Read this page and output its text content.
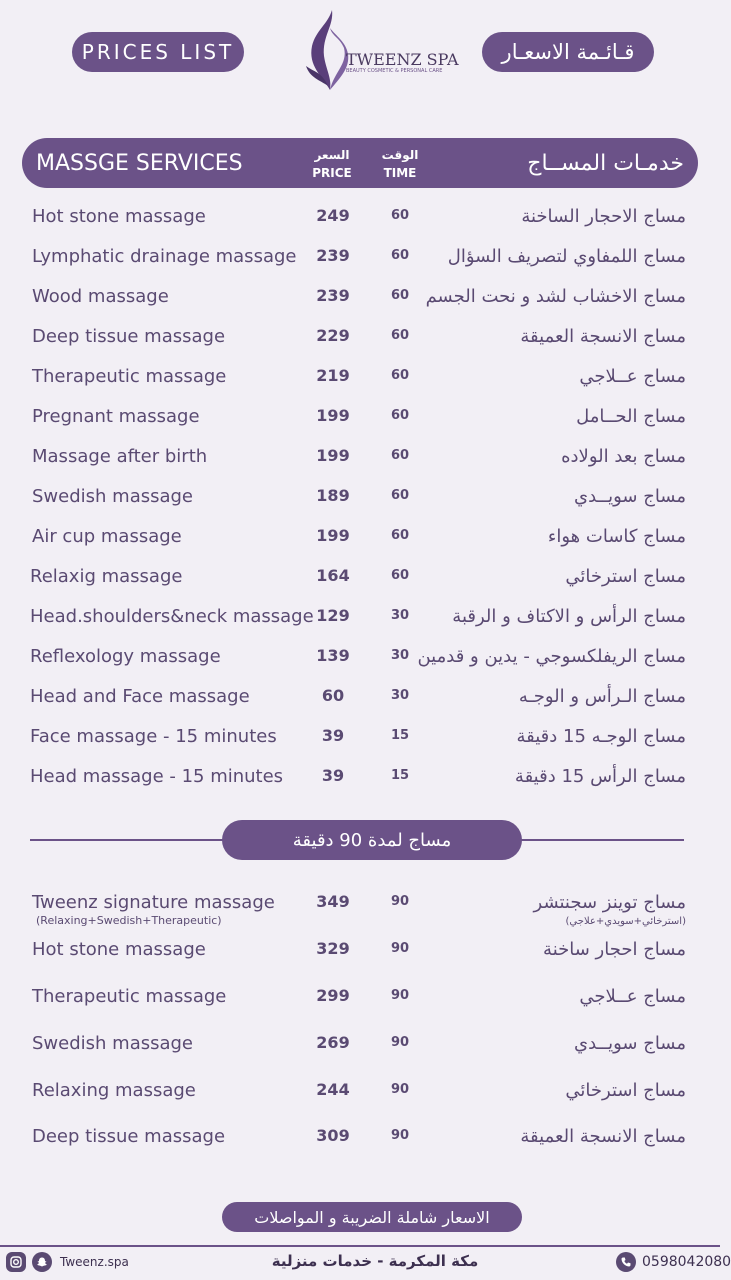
PRICES LIST	TWEENZ SPA
BEAUTY COSMETIC & PERSONAL CARE
قـائـمة الاسعـار
MASSGE SERVICES	خدمـات المســاج
السعر
PRICE
الوقت
TIME
Hot stone massage	249	60	مساج الاحجار الساخنة
Lymphatic drainage massage	239	60	مساج اللمفاوي لتصريف السؤال
Wood massage	239	60 مساج الاخشاب لشد و نحت الجسم
Deep tissue massage	229	60	مساج الانسجة العميقة
Therapeutic massage	219	60	مساج عــلاجي
Pregnant massage	199	60	مساج الحــامل
Massage after birth	199	60	مساج بعد الولاده
Swedish massage	189	60	مساج سويــدي
Air cup massage	199	60	مساج كاسات هواء
Relaxig massage	164	60	مساج استرخائي
Head.shoulders&neck massage 129	30	مساج الرأس و الاكتاف و الرقبة
Reflexology massage	139	30 مساج الريفلكسوجي - يدين و قدمين
Head and Face massage	60	30	مساج الـرأس و الوجـه
Face massage - 15 minutes	39	15	مساج الوجـه 15 دقيقة
Head massage - 15 minutes	39	15	مساج الرأس 15 دقيقة
مساج لمدة 90 دقيقة
Tweenz signature massage
(Relaxing+Swedish+Therapeutic)
349	90	مساج توينز سجنتشر
(استرخائي+سويدي+علاجي)
Hot stone massage	329	90	مساج احجار ساخنة
Therapeutic massage	299	90	مساج عــلاجي
Swedish massage	269	90	مساج سويــدي
Relaxing massage	244	90	مساج استرخائي
Deep tissue massage	309	90	مساج الانسجة العميقة
الاسعار شاملة الضريبة و المواصلات
Tweenz.spa	مكة المكرمة - خدمات منزلية	0598042080
